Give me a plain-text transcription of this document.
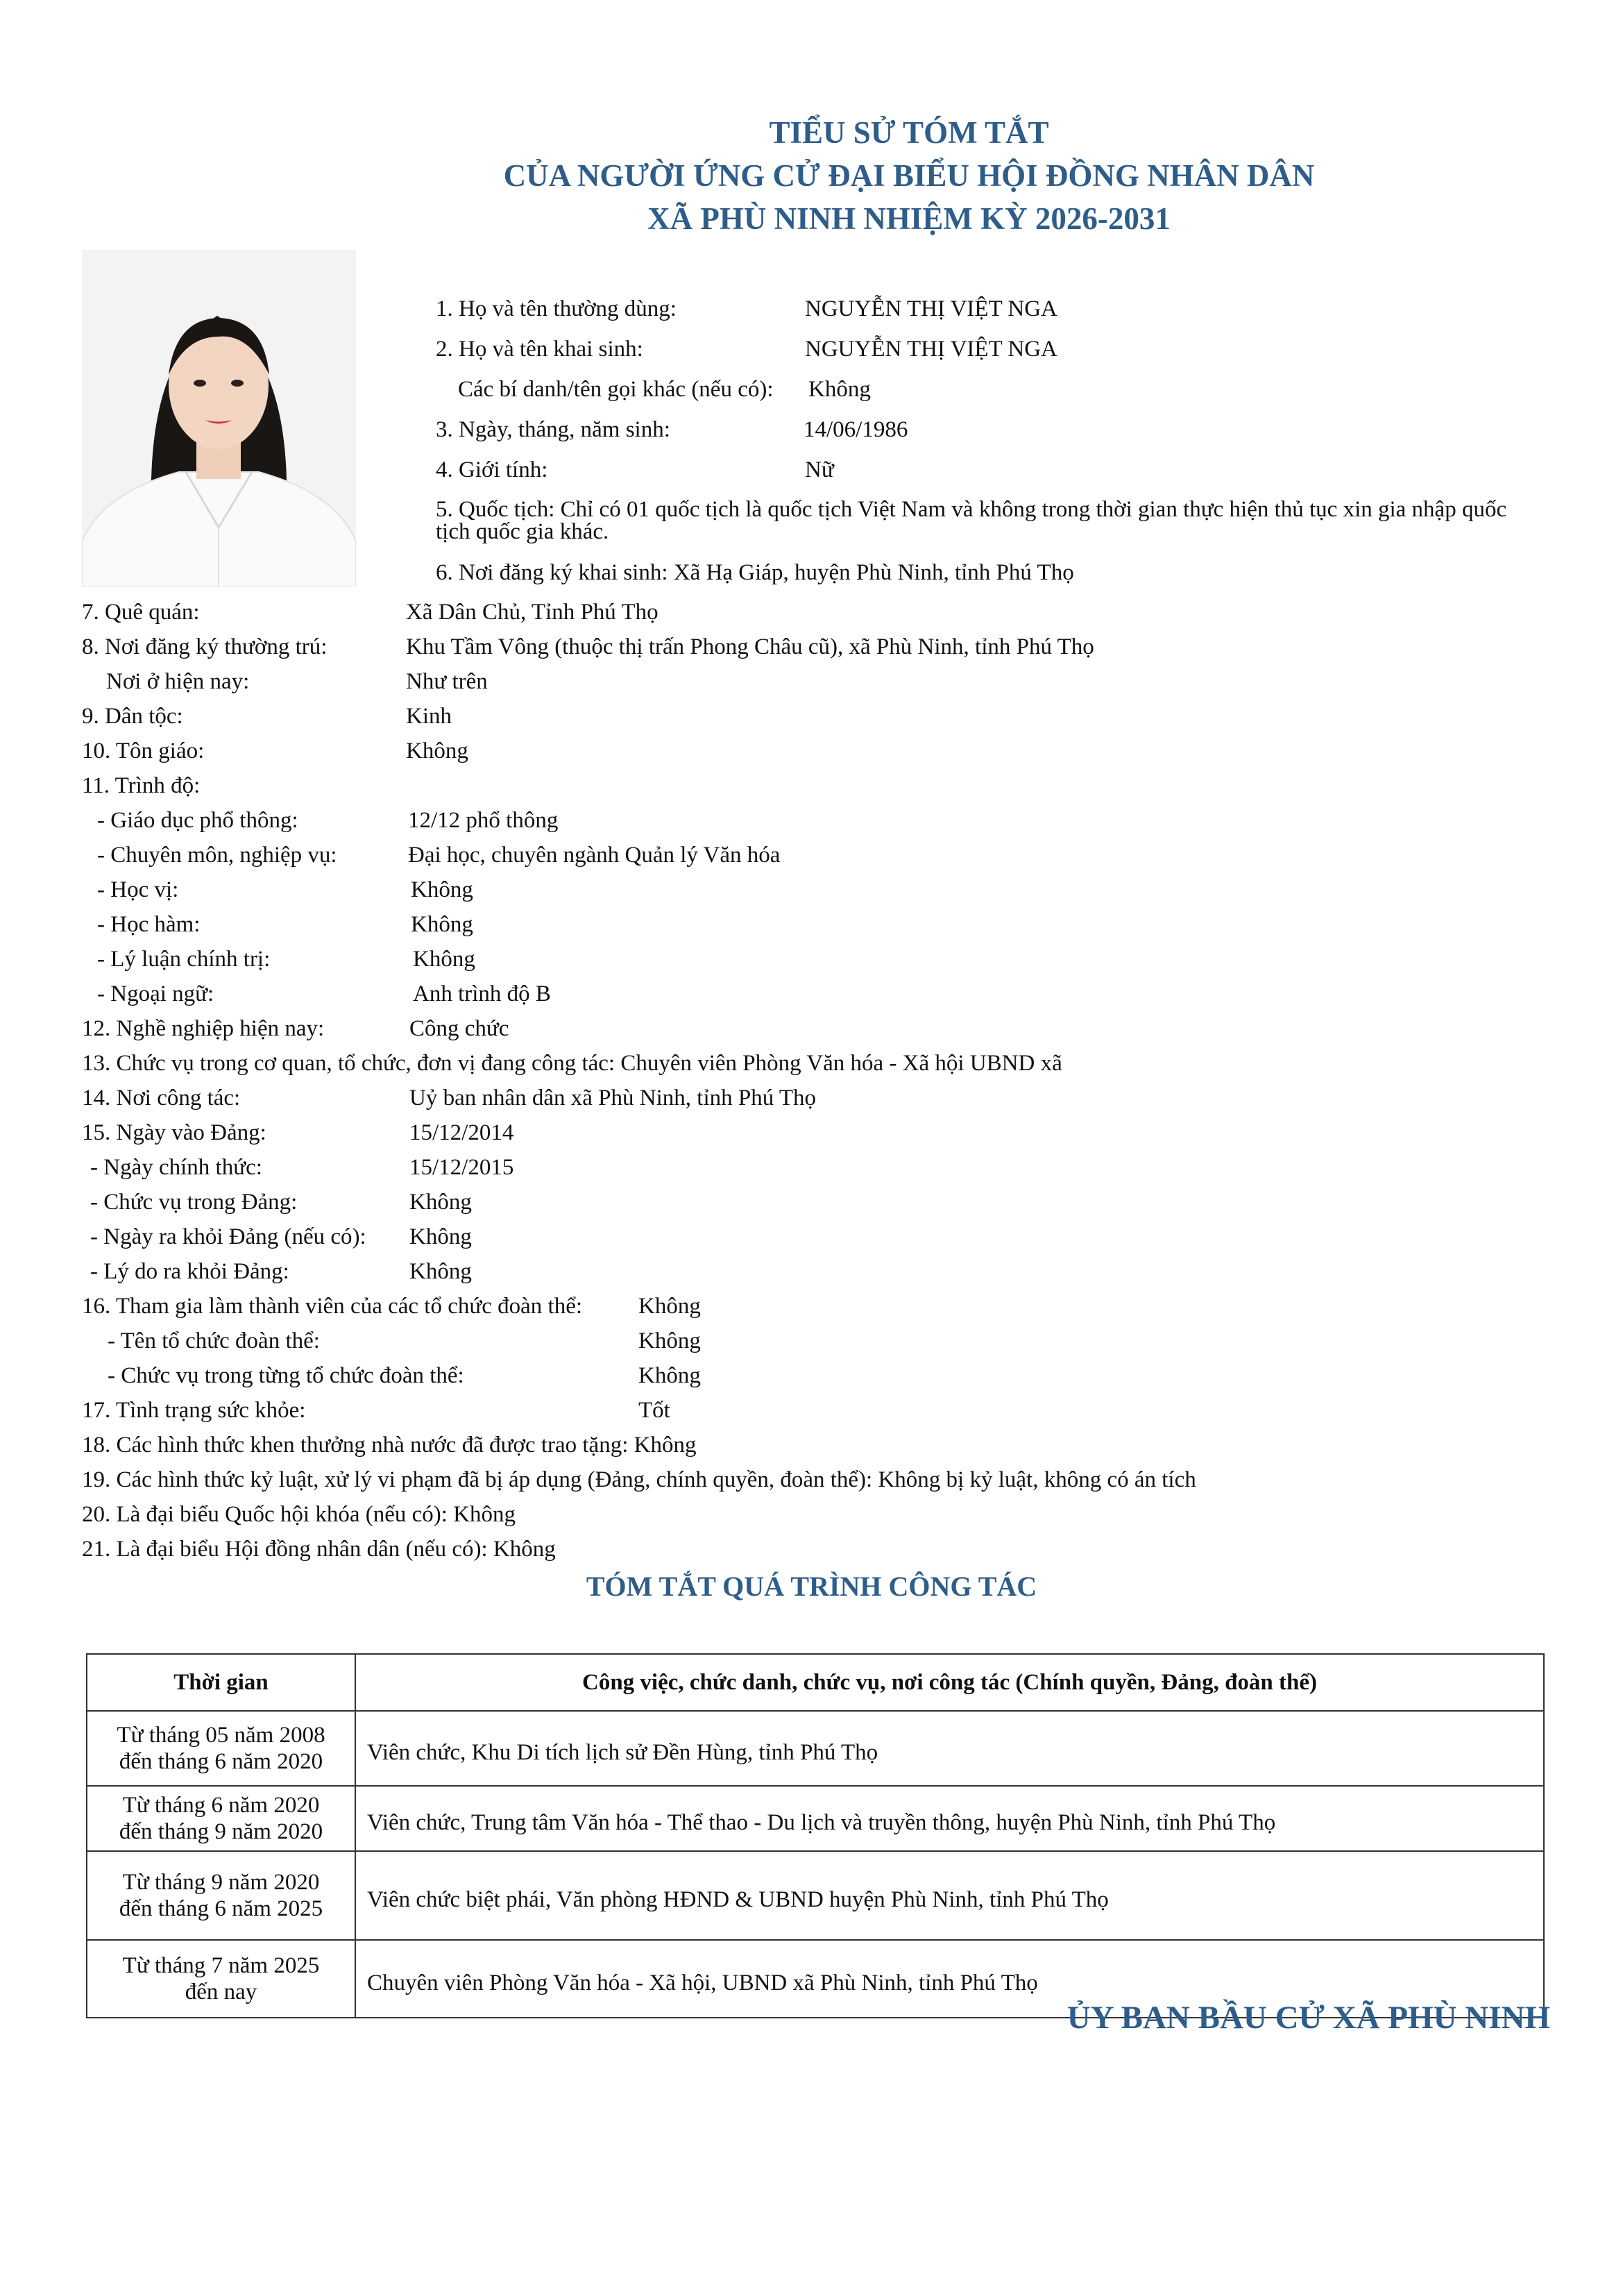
TIỂU SỬ TÓM TẮT
CỦA NGƯỜI ỨNG CỬ ĐẠI BIỂU HỘI ĐỒNG NHÂN DÂN
XÃ PHÙ NINH NHIỆM KỲ 2026-2031
1. Họ và tên thường dùng:	NGUYỄN THỊ VIỆT NGA
2. Họ và tên khai sinh:	NGUYỄN THỊ VIỆT NGA
Các bí danh/tên gọi khác (nếu có): Không
3. Ngày, tháng, năm sinh:	14/06/1986
4. Giới tính:	Nữ
5. Quốc tịch: Chỉ có 01 quốc tịch là quốc tịch Việt Nam và không trong thời gian thực hiện thủ tục xin gia nhập quốc tịch quốc gia khác.
6. Nơi đăng ký khai sinh: Xã Hạ Giáp, huyện Phù Ninh, tỉnh Phú Thọ
7. Quê quán:	Xã Dân Chủ, Tỉnh Phú Thọ
8. Nơi đăng ký thường trú:	Khu Tầm Vông (thuộc thị trấn Phong Châu cũ), xã Phù Ninh, tỉnh Phú Thọ
Nơi ở hiện nay:	Như trên
9. Dân tộc:	Kinh
10. Tôn giáo:	Không
11. Trình độ:
- Giáo dục phổ thông:	12/12 phổ thông
- Chuyên môn, nghiệp vụ:	Đại học, chuyên ngành Quản lý Văn hóa
- Học vị:	Không
- Học hàm:	Không
- Lý luận chính trị:	Không
- Ngoại ngữ:	Anh trình độ B
12. Nghề nghiệp hiện nay:	Công chức
13. Chức vụ trong cơ quan, tổ chức, đơn vị đang công tác: Chuyên viên Phòng Văn hóa - Xã hội UBND xã
14. Nơi công tác:	Uỷ ban nhân dân xã Phù Ninh, tỉnh Phú Thọ
15. Ngày vào Đảng:	15/12/2014
- Ngày chính thức:	15/12/2015
- Chức vụ trong Đảng:	Không
- Ngày ra khỏi Đảng (nếu có): Không
- Lý do ra khỏi Đảng:	Không
16. Tham gia làm thành viên của các tổ chức đoàn thể: Không
- Tên tổ chức đoàn thể:	Không
- Chức vụ trong từng tổ chức đoàn thể:	Không
17. Tình trạng sức khỏe:	Tốt
18. Các hình thức khen thưởng nhà nước đã được trao tặng: Không
19. Các hình thức kỷ luật, xử lý vi phạm đã bị áp dụng (Đảng, chính quyền, đoàn thể): Không bị kỷ luật, không có án tích
20. Là đại biểu Quốc hội khóa (nếu có): Không
21. Là đại biểu Hội đồng nhân dân (nếu có): Không
TÓM TẮT QUÁ TRÌNH CÔNG TÁC
Thời gian	Công việc, chức danh, chức vụ, nơi công tác (Chính quyền, Đảng, đoàn thể)

Từ tháng 05 năm 2008
đến tháng 6 năm 2020	Viên chức, Khu Di tích lịch sử Đền Hùng, tỉnh Phú Thọ

Từ tháng 6 năm 2020
đến tháng 9 năm 2020	Viên chức, Trung tâm Văn hóa - Thể thao - Du lịch và truyền thông, huyện Phù Ninh, tỉnh Phú Thọ

Từ tháng 9 năm 2020
đến tháng 6 năm 2025	Viên chức biệt phái, Văn phòng HĐND & UBND huyện Phù Ninh, tỉnh Phú Thọ

Từ tháng 7 năm 2025
đến nay	Chuyên viên Phòng Văn hóa - Xã hội, UBND xã Phù Ninh, tỉnh Phú Thọ
ỦY BAN BẦU CỬ XÃ PHÙ NINH
